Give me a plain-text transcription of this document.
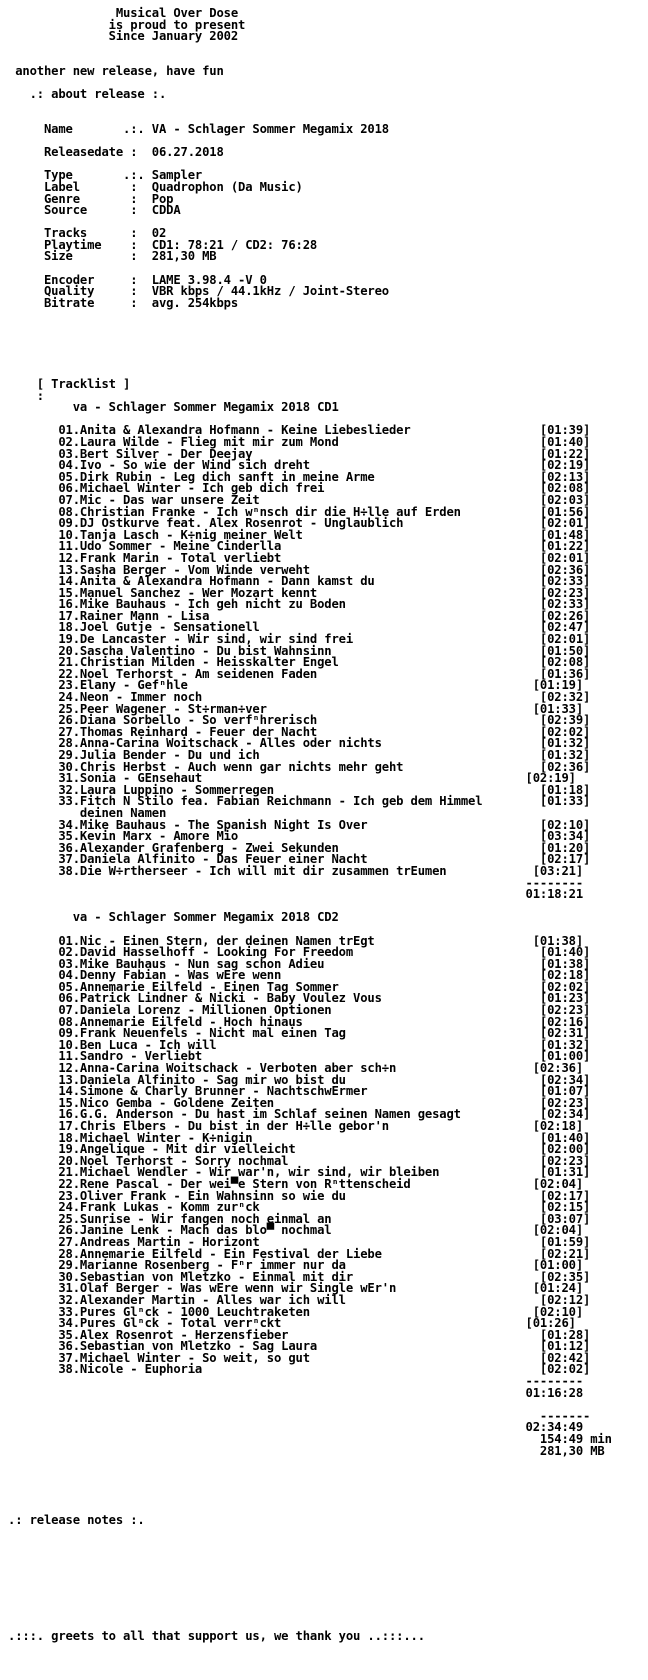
Musical Over Dose
is proud to present
Since January 2002
another new release, have fun
.: about release :.
Name       .:. VA - Schlager Sommer Megamix 2018
Releasedate :  06.27.2018
Type       .:. Sampler
Label       :  Quadrophon (Da Music)
Genre       :  Pop
Source      :  CDDA
Tracks      :  02
Playtime    :  CD1: 78:21 / CD2: 76:28
Size        :  281,30 MB
Encoder     :  LAME 3.98.4 -V 0
Quality     :  VBR kbps / 44.1kHz / Joint-Stereo
Bitrate     :  avg. 254kbps
[ Tracklist ]
:
va - Schlager Sommer Megamix 2018 CD1
01.Anita & Alexandra Hofmann - Keine Liebeslieder                  [01:39]
02.Laura Wilde - Flieg mit mir zum Mond                            [01:40]
03.Bert Silver - Der Deejay                                        [01:22]
04.Ivo - So wie der Wind sich dreht                                [02:19]
05.Dirk Rubin - Leg dich sanft in meine Arme                       [02:13]
06.Michael Winter - Ich geb dich frei                              [02:08]
07.Mic - Das war unsere Zeit                                       [02:03]
08.Christian Franke - Ich wⁿnsch dir die H÷lle auf Erden           [01:56]
09.DJ Ostkurve feat. Alex Rosenrot - Unglaublich                   [02:01]
10.Tanja Lasch - K÷nig meiner Welt                                 [01:48]
11.Udo Sommer - Meine Cinderlla                                    [01:22]
12.Frank Marin - Total verliebt                                    [02:01]
13.Sasha Berger - Vom Winde verweht                                [02:36]
14.Anita & Alexandra Hofmann - Dann kamst du                       [02:33]
15.Manuel Sanchez - Wer Mozart kennt                               [02:23]
16.Mike Bauhaus - Ich geh nicht zu Boden                           [02:33]
17.Rainer Mann - Lisa                                              [02:26]
18.Joel Gutje - Sensationell                                       [02:47]
19.De Lancaster - Wir sind, wir sind frei                          [02:01]
20.Sascha Valentino - Du bist Wahnsinn                             [01:50]
21.Christian Milden - Heisskalter Engel                            [02:08]
22.Noel Terhorst - Am seidenen Faden                               [01:36]
23.Elany - Gefⁿhle                                                [01:19]
24.Neon - Immer noch                                               [02:32]
25.Peer Wagener - St÷rman÷ver                                     [01:33]
26.Diana Sorbello - So verfⁿhrerisch                               [02:39]
27.Thomas Reinhard - Feuer der Nacht                               [02:02]
28.Anna-Carina Woitschack - Alles oder nichts                      [01:32]
29.Julia Bender - Du und ich                                       [01:32]
30.Chris Herbst - Auch wenn gar nichts mehr geht                   [02:36]
31.Sonia - GΕnsehaut                                             [02:19]
32.Laura Luppino - Sommerregen                                     [01:18]
33.Fitch N Stilo fea. Fabian Reichmann - Ich geb dem Himmel        [01:33]
deinen Namen
34.Mike Bauhaus - The Spanish Night Is Over                        [02:10]
35.Kevin Marx - Amore Mio                                          [03:34]
36.Alexander Grafenberg - Zwei Sekunden                            [01:20]
37.Daniela Alfinito - Das Feuer einer Nacht                        [02:17]
38.Die W÷rtherseer - Ich will mit dir zusammen trΕumen            [03:21]
--------
01:18:21
va - Schlager Sommer Megamix 2018 CD2
01.Nic - Einen Stern, der deinen Namen trΕgt                      [01:38]
02.David Hasselhoff - Looking For Freedom                          [01:40]
03.Mike Bauhaus - Nun sag schon Adieu                              [01:38]
04.Denny Fabian - Was wΕre wenn                                    [02:18]
05.Annemarie Eilfeld - Einen Tag Sommer                            [02:02]
06.Patrick Lindner & Nicki - Baby Voulez Vous                      [01:23]
07.Daniela Lorenz - Millionen Optionen                             [02:23]
08.Annemarie Eilfeld - Hoch hinaus                                 [02:16]
09.Frank Neuenfels - Nicht mal einen Tag                           [02:31]
10.Ben Luca - Ich will                                             [01:32]
11.Sandro - Verliebt                                               [01:00]
12.Anna-Carina Woitschack - Verboten aber sch÷n                   [02:36]
13.Daniela Alfinito - Sag mir wo bist du                           [02:34]
14.Simone & Charly Brunner - NachtschwΕrmer                        [01:07]
15.Nico Gemba - Goldene Zeiten                                     [02:23]
16.G.G. Anderson - Du hast im Schlaf seinen Namen gesagt           [02:34]
17.Chris Elbers - Du bist in der H÷lle gebor'n                    [02:18]
18.Michael Winter - K÷nigin                                        [01:40]
19.Angelique - Mit dir vielleicht                                  [02:00]
20.Noel Terhorst - Sorry nochmal                                   [02:23]
21.Michael Wendler - Wir war'n, wir sind, wir bleiben              [01:31]
22.Rene Pascal - Der wei▀e Stern von Rⁿttenscheid                 [02:04]
23.Oliver Frank - Ein Wahnsinn so wie du                           [02:17]
24.Frank Lukas - Komm zurⁿck                                       [02:15]
25.Sunrise - Wir fangen noch einmal an                             [03:07]
26.Janine Lenk - Mach das blo▀ nochmal                            [02:04]
27.Andreas Martin - Horizont                                       [01:59]
28.Annemarie Eilfeld - Ein Festival der Liebe                      [02:21]
29.Marianne Rosenberg - Fⁿr immer nur da                          [01:00]
30.Sebastian von Mletzko - Einmal mit dir                          [02:35]
31.Olaf Berger - Was wΕre wenn wir Single wΕr'n                   [01:24]
32.Alexander Martin - Alles war ich will                           [02:12]
33.Pures Glⁿck - 1000 Leuchtraketen                               [02:10]
34.Pures Glⁿck - Total verrⁿckt                                  [01:26]
35.Alex Rosenrot - Herzensfieber                                   [01:28]
36.Sebastian von Mletzko - Sag Laura                               [01:12]
37.Michael Winter - So weit, so gut                                [02:42]
38.Nicole - Euphoria                                               [02:02]
--------
01:16:28
-------
02:34:49
154:49 min
281,30 MB
.: release notes :.
.:::. greets to all that support us, we thank you ..:::...
